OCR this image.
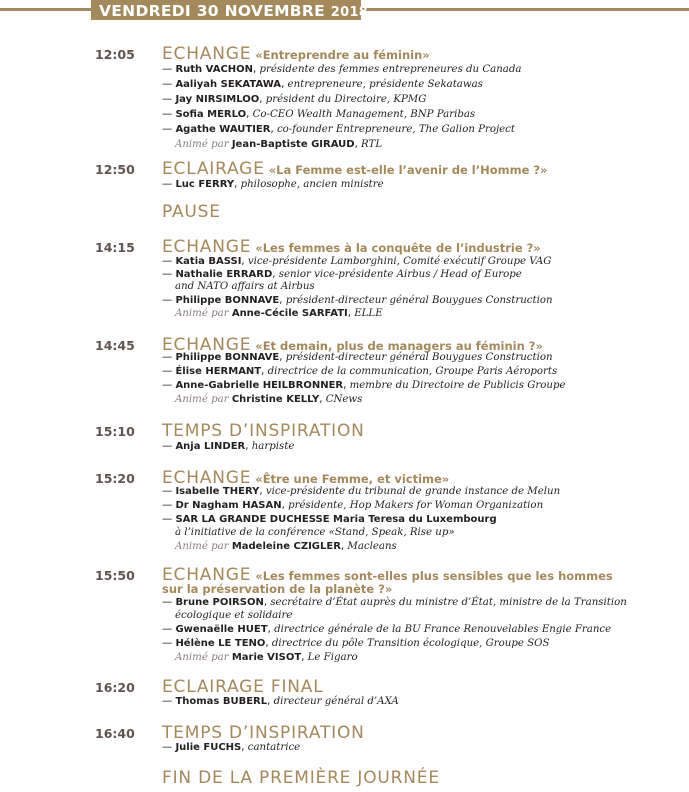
VENDREDI 30 NOVEMBRE 2018
12:05 ECHANGE «Entreprendre au féminin»
— Ruth VACHON, présidente des femmes entrepreneures du Canada
— Aaliyah SEKATAWA, entrepreneure, présidente Sekatawas
— Jay NIRSIMLOO, président du Directoire, KPMG
— Sofia MERLO, Co-CEO Wealth Management, BNP Paribas
— Agathe WAUTIER, co-founder Entrepreneure, The Galion Project
Animé par Jean-Baptiste GIRAUD, RTL
12:50 ECLAIRAGE «La Femme est-elle l’avenir de l’Homme ?»
— Luc FERRY, philosophe, ancien ministre
PAUSE
14:15 ECHANGE «Les femmes à la conquête de l’industrie ?»
— Katia BASSI, vice-présidente Lamborghini, Comité exécutif Groupe VAG
— Nathalie ERRARD, senior vice-présidente Airbus / Head of Europe
and NATO affairs at Airbus
— Philippe BONNAVE, président-directeur général Bouygues Construction
Animé par Anne-Cécile SARFATI, ELLE
14:45 ECHANGE «Et demain, plus de managers au féminin ?»
— Philippe BONNAVE, président-directeur général Bouygues Construction
— Élise HERMANT, directrice de la communication, Groupe Paris Aéroports
— Anne-Gabrielle HEILBRONNER, membre du Directoire de Publicis Groupe
Animé par Christine KELLY, CNews
15:10 TEMPS D’INSPIRATION
— Anja LINDER, harpiste
15:20 ECHANGE «Être une Femme, et victime»
— Isabelle THERY, vice-présidente du tribunal de grande instance de Melun
— Dr Nagham HASAN, présidente, Hop Makers for Woman Organization
— SAR LA GRANDE DUCHESSE Maria Teresa du Luxembourg
à l’initiative de la conférence «Stand, Speak, Rise up»
Animé par Madeleine CZIGLER, Macleans
15:50 ECHANGE «Les femmes sont-elles plus sensibles que les hommes
sur la préservation de la planète ?»
— Brune POIRSON, secrétaire d’État auprès du ministre d’État, ministre de la Transition
écologique et solidaire
— Gwenaëlle HUET, directrice générale de la BU France Renouvelables Engie France
— Hélène LE TENO, directrice du pôle Transition écologique, Groupe SOS
Animé par Marie VISOT, Le Figaro
16:20 ECLAIRAGE FINAL
— Thomas BUBERL, directeur général d’AXA
16:40 TEMPS D’INSPIRATION
— Julie FUCHS, cantatrice
FIN DE LA PREMIÈRE JOURNÉE
